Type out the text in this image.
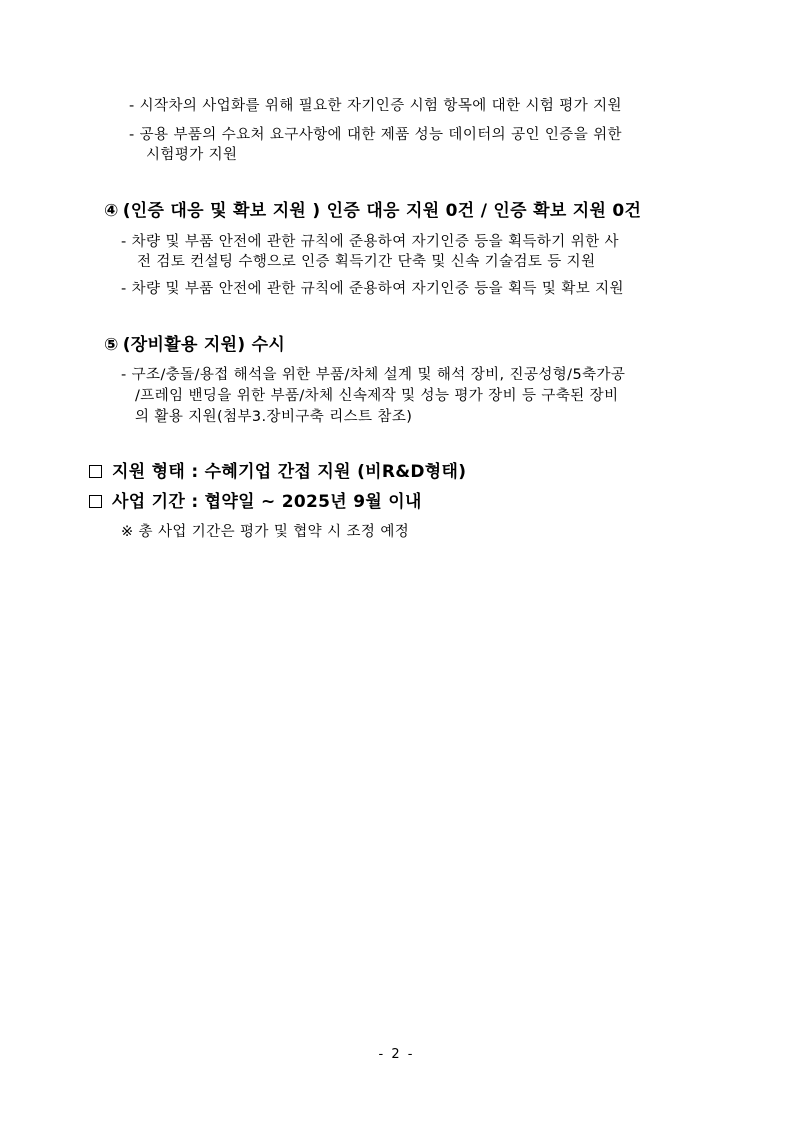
- 시작차의 사업화를 위해 필요한 자기인증 시험 항목에 대한 시험 평가 지원
- 공용 부품의 수요처 요구사항에 대한 제품 성능 데이터의 공인 인증을 위한
시험평가 지원
④ (인증 대응 및 확보 지원 ) 인증 대응 지원 0건 / 인증 확보 지원 0건
- 차량 및 부품 안전에 관한 규칙에 준용하여 자기인증 등을 획득하기 위한 사
전 검토 컨설팅 수행으로 인증 획득기간 단축 및 신속 기술검토 등 지원
- 차량 및 부품 안전에 관한 규칙에 준용하여 자기인증 등을 획득 및 확보 지원
⑤ (장비활용 지원) 수시
- 구조/충돌/용접 해석을 위한 부품/차체 설계 및 해석 장비, 진공성형/5축가공
/프레임 밴딩을 위한 부품/차체 신속제작 및 성능 평가 장비 등 구축된 장비
의 활용 지원(첨부3.장비구축 리스트 참조)
지원 형태 : 수혜기업 간접 지원 (비R&D형태)
사업 기간 : 협약일 ~ 2025년 9월 이내
※ 총 사업 기간은 평가 및 협약 시 조정 예정
- 2 -
